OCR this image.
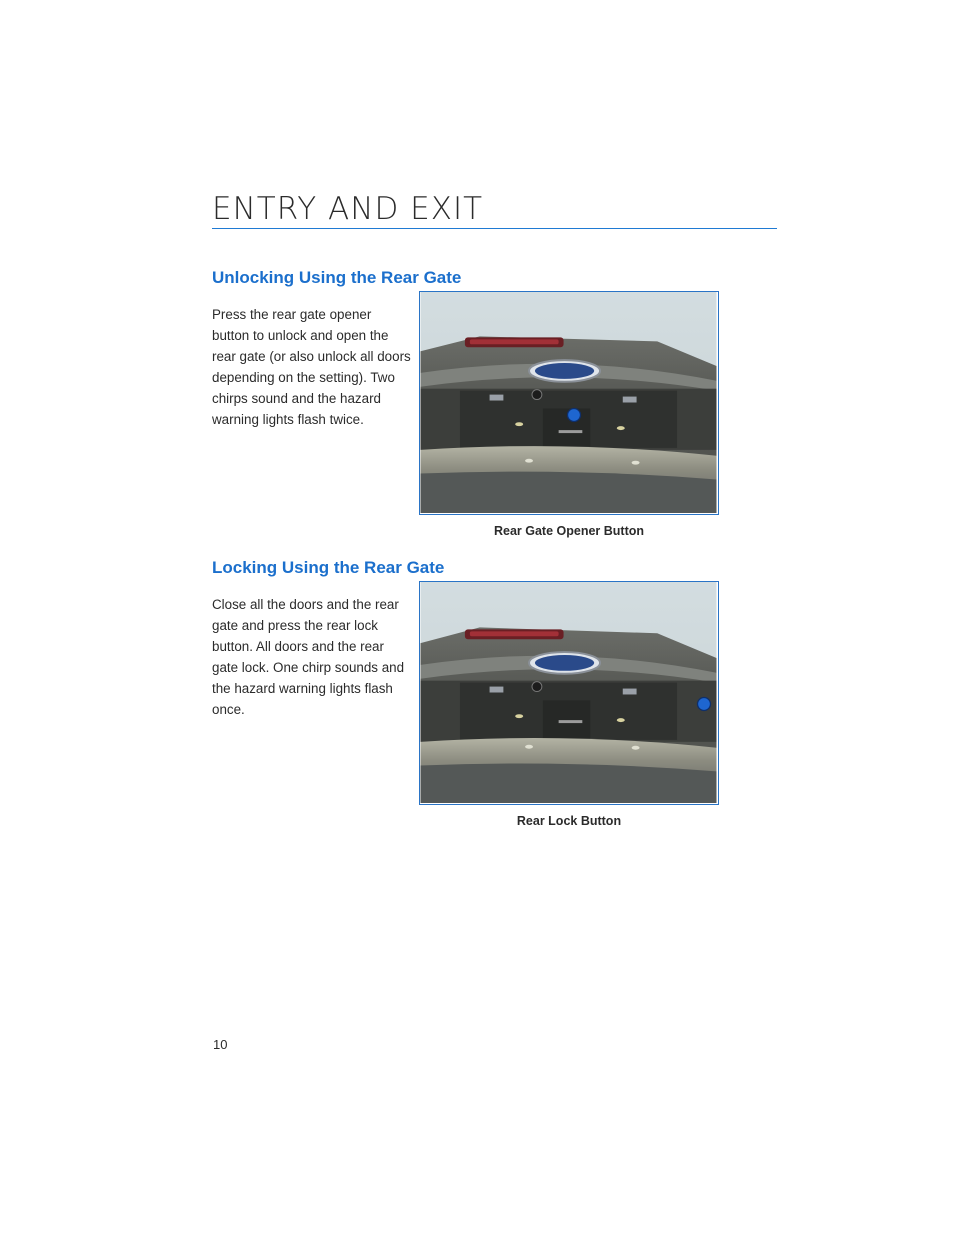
ENTRY AND EXIT
Unlocking Using the Rear Gate

Press the rear gate opener button to unlock and open the rear gate (or also unlock all doors depending on the setting). Two chirps sound and the hazard warning lights flash twice.

Rear Gate Opener Button
Locking Using the Rear Gate

Close all the doors and the rear gate and press the rear lock button. All doors and the rear gate lock. One chirp sounds and the hazard warning lights flash once.

Rear Lock Button
10
